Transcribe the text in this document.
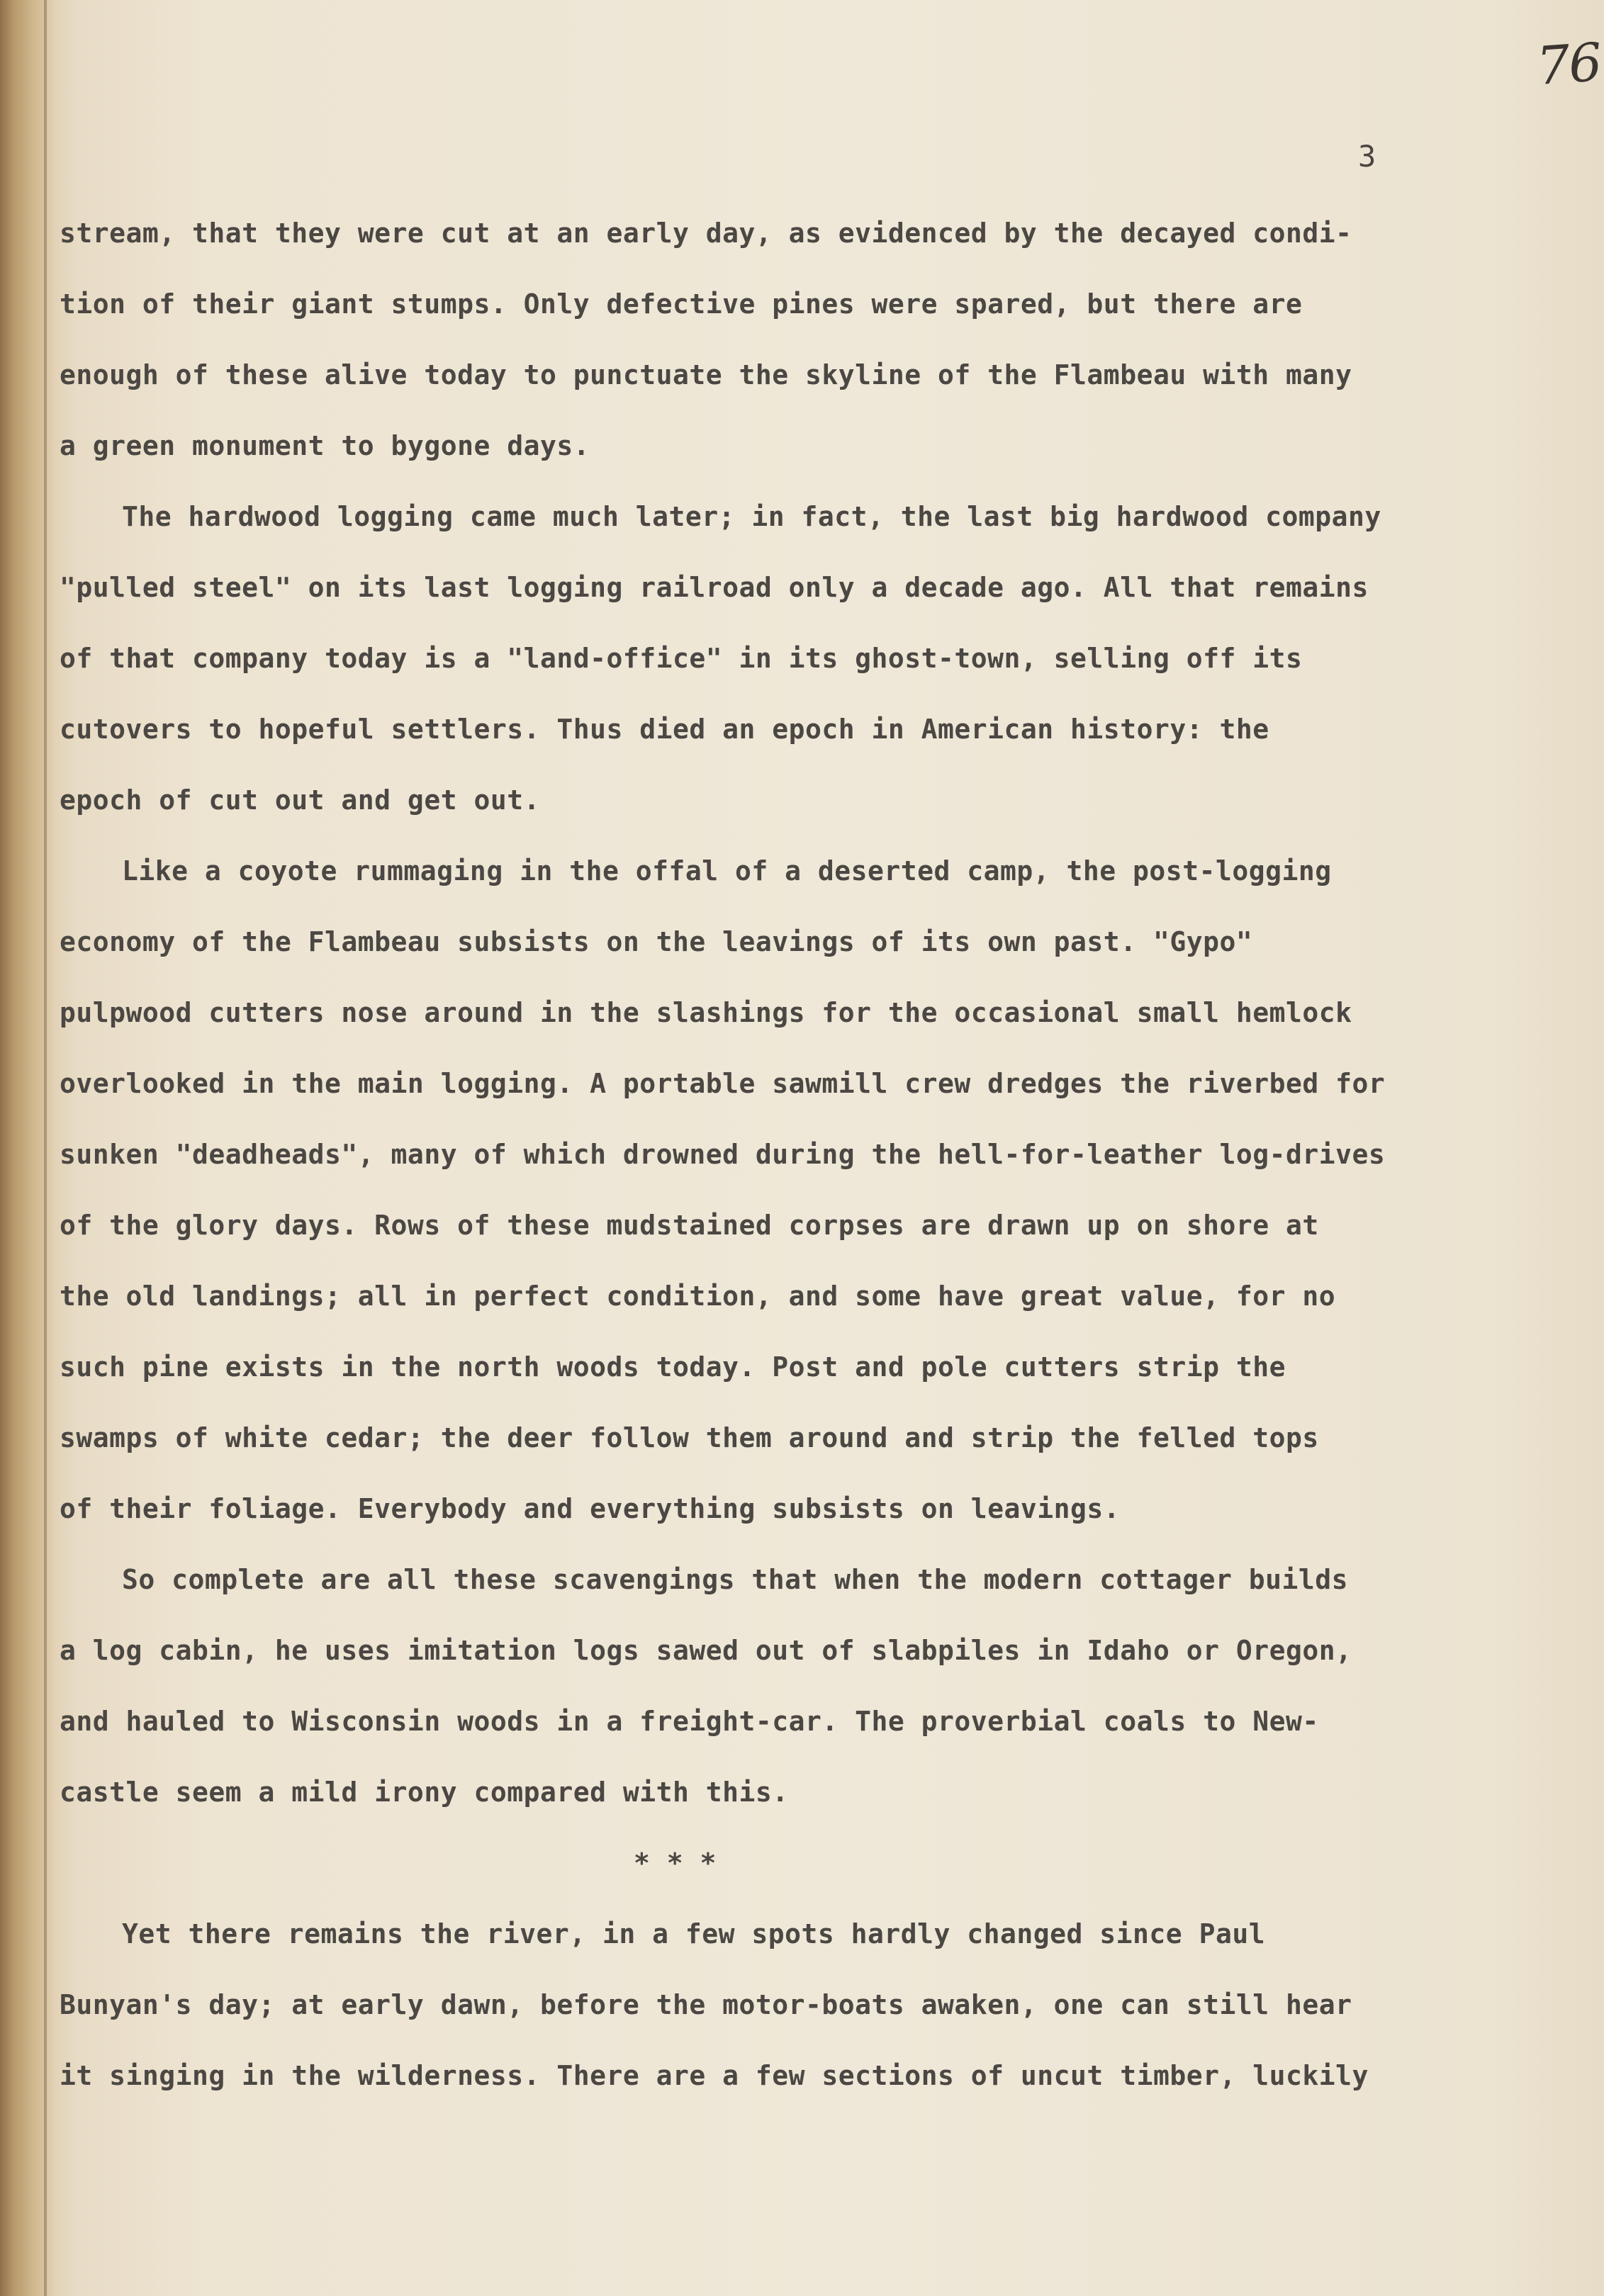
76
3
stream, that they were cut at an early day, as evidenced by the decayed condi-
tion of their giant stumps. Only defective pines were spared, but there are
enough of these alive today to punctuate the skyline of the Flambeau with many
a green monument to bygone days.
The hardwood logging came much later; in fact, the last big hardwood company
"pulled steel" on its last logging railroad only a decade ago. All that remains
of that company today is a "land-office" in its ghost-town, selling off its
cutovers to hopeful settlers. Thus died an epoch in American history: the
epoch of cut out and get out.
Like a coyote rummaging in the offal of a deserted camp, the post-logging
economy of the Flambeau subsists on the leavings of its own past. "Gypo"
pulpwood cutters nose around in the slashings for the occasional small hemlock
overlooked in the main logging. A portable sawmill crew dredges the riverbed for
sunken "deadheads", many of which drowned during the hell-for-leather log-drives
of the glory days. Rows of these mudstained corpses are drawn up on shore at
the old landings; all in perfect condition, and some have great value, for no
such pine exists in the north woods today. Post and pole cutters strip the
swamps of white cedar; the deer follow them around and strip the felled tops
of their foliage. Everybody and everything subsists on leavings.
So complete are all these scavengings that when the modern cottager builds
a log cabin, he uses imitation logs sawed out of slabpiles in Idaho or Oregon,
and hauled to Wisconsin woods in a freight-car. The proverbial coals to New-
castle seem a mild irony compared with this.
* * *
Yet there remains the river, in a few spots hardly changed since Paul
Bunyan's day; at early dawn, before the motor-boats awaken, one can still hear
it singing in the wilderness. There are a few sections of uncut timber, luckily
